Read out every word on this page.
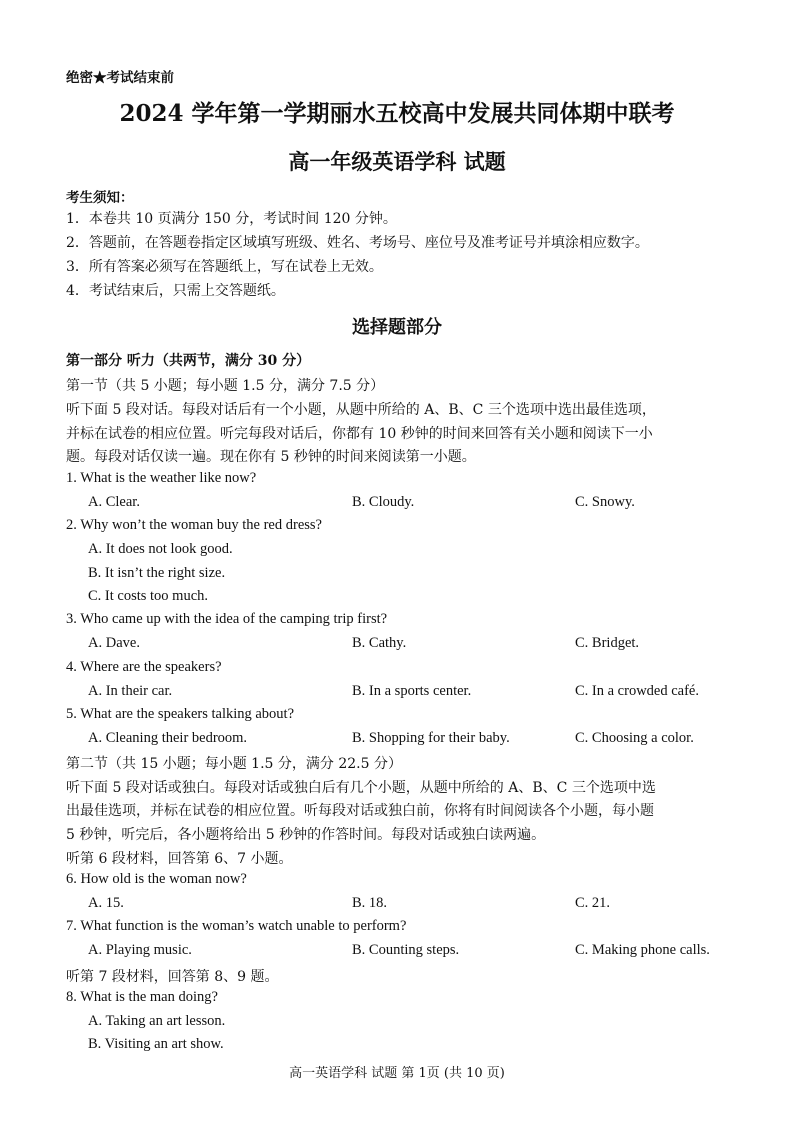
绝密★考试结束前
2024 学年第一学期丽水五校高中发展共同体期中联考
高一年级英语学科 试题
考生须知：
1．本卷共 10 页满分 150 分，考试时间 120 分钟。
2．答题前，在答题卷指定区域填写班级、姓名、考场号、座位号及准考证号并填涂相应数字。
3．所有答案必须写在答题纸上，写在试卷上无效。
4．考试结束后，只需上交答题纸。
选择题部分
第一部分 听力（共两节，满分 30 分）
第一节（共 5 小题；每小题 1.5 分，满分 7.5 分）
听下面 5 段对话。每段对话后有一个小题，从题中所给的 A、B、C 三个选项中选出最佳选项，
并标在试卷的相应位置。听完每段对话后，你都有 10 秒钟的时间来回答有关小题和阅读下一小
题。每段对话仅读一遍。现在你有 5 秒钟的时间来阅读第一小题。
1. What is the weather like now?
A. Clear.	B. Cloudy.	C. Snowy.
2. Why won’t the woman buy the red dress?
A. It does not look good.
B. It isn’t the right size.
C. It costs too much.
3. Who came up with the idea of the camping trip first?
A. Dave.	B. Cathy.	C. Bridget.
4. Where are the speakers?
A. In their car.	B. In a sports center.	C. In a crowded café.
5. What are the speakers talking about?
A. Cleaning their bedroom.	B. Shopping for their baby.	C. Choosing a color.
第二节（共 15 小题；每小题 1.5 分，满分 22.5 分）
听下面 5 段对话或独白。每段对话或独白后有几个小题，从题中所给的 A、B、C 三个选项中选
出最佳选项，并标在试卷的相应位置。听每段对话或独白前，你将有时间阅读各个小题，每小题
5 秒钟，听完后，各小题将给出 5 秒钟的作答时间。每段对话或独白读两遍。
听第 6 段材料，回答第 6、7 小题。
6. How old is the woman now?
A. 15.	B. 18.	C. 21.
7. What function is the woman’s watch unable to perform?
A. Playing music.	B. Counting steps.	C. Making phone calls.
听第 7 段材料，回答第 8、9 题。
8. What is the man doing?
A. Taking an art lesson.
B. Visiting an art show.
高一英语学科 试题 第 1页 (共 10 页)
